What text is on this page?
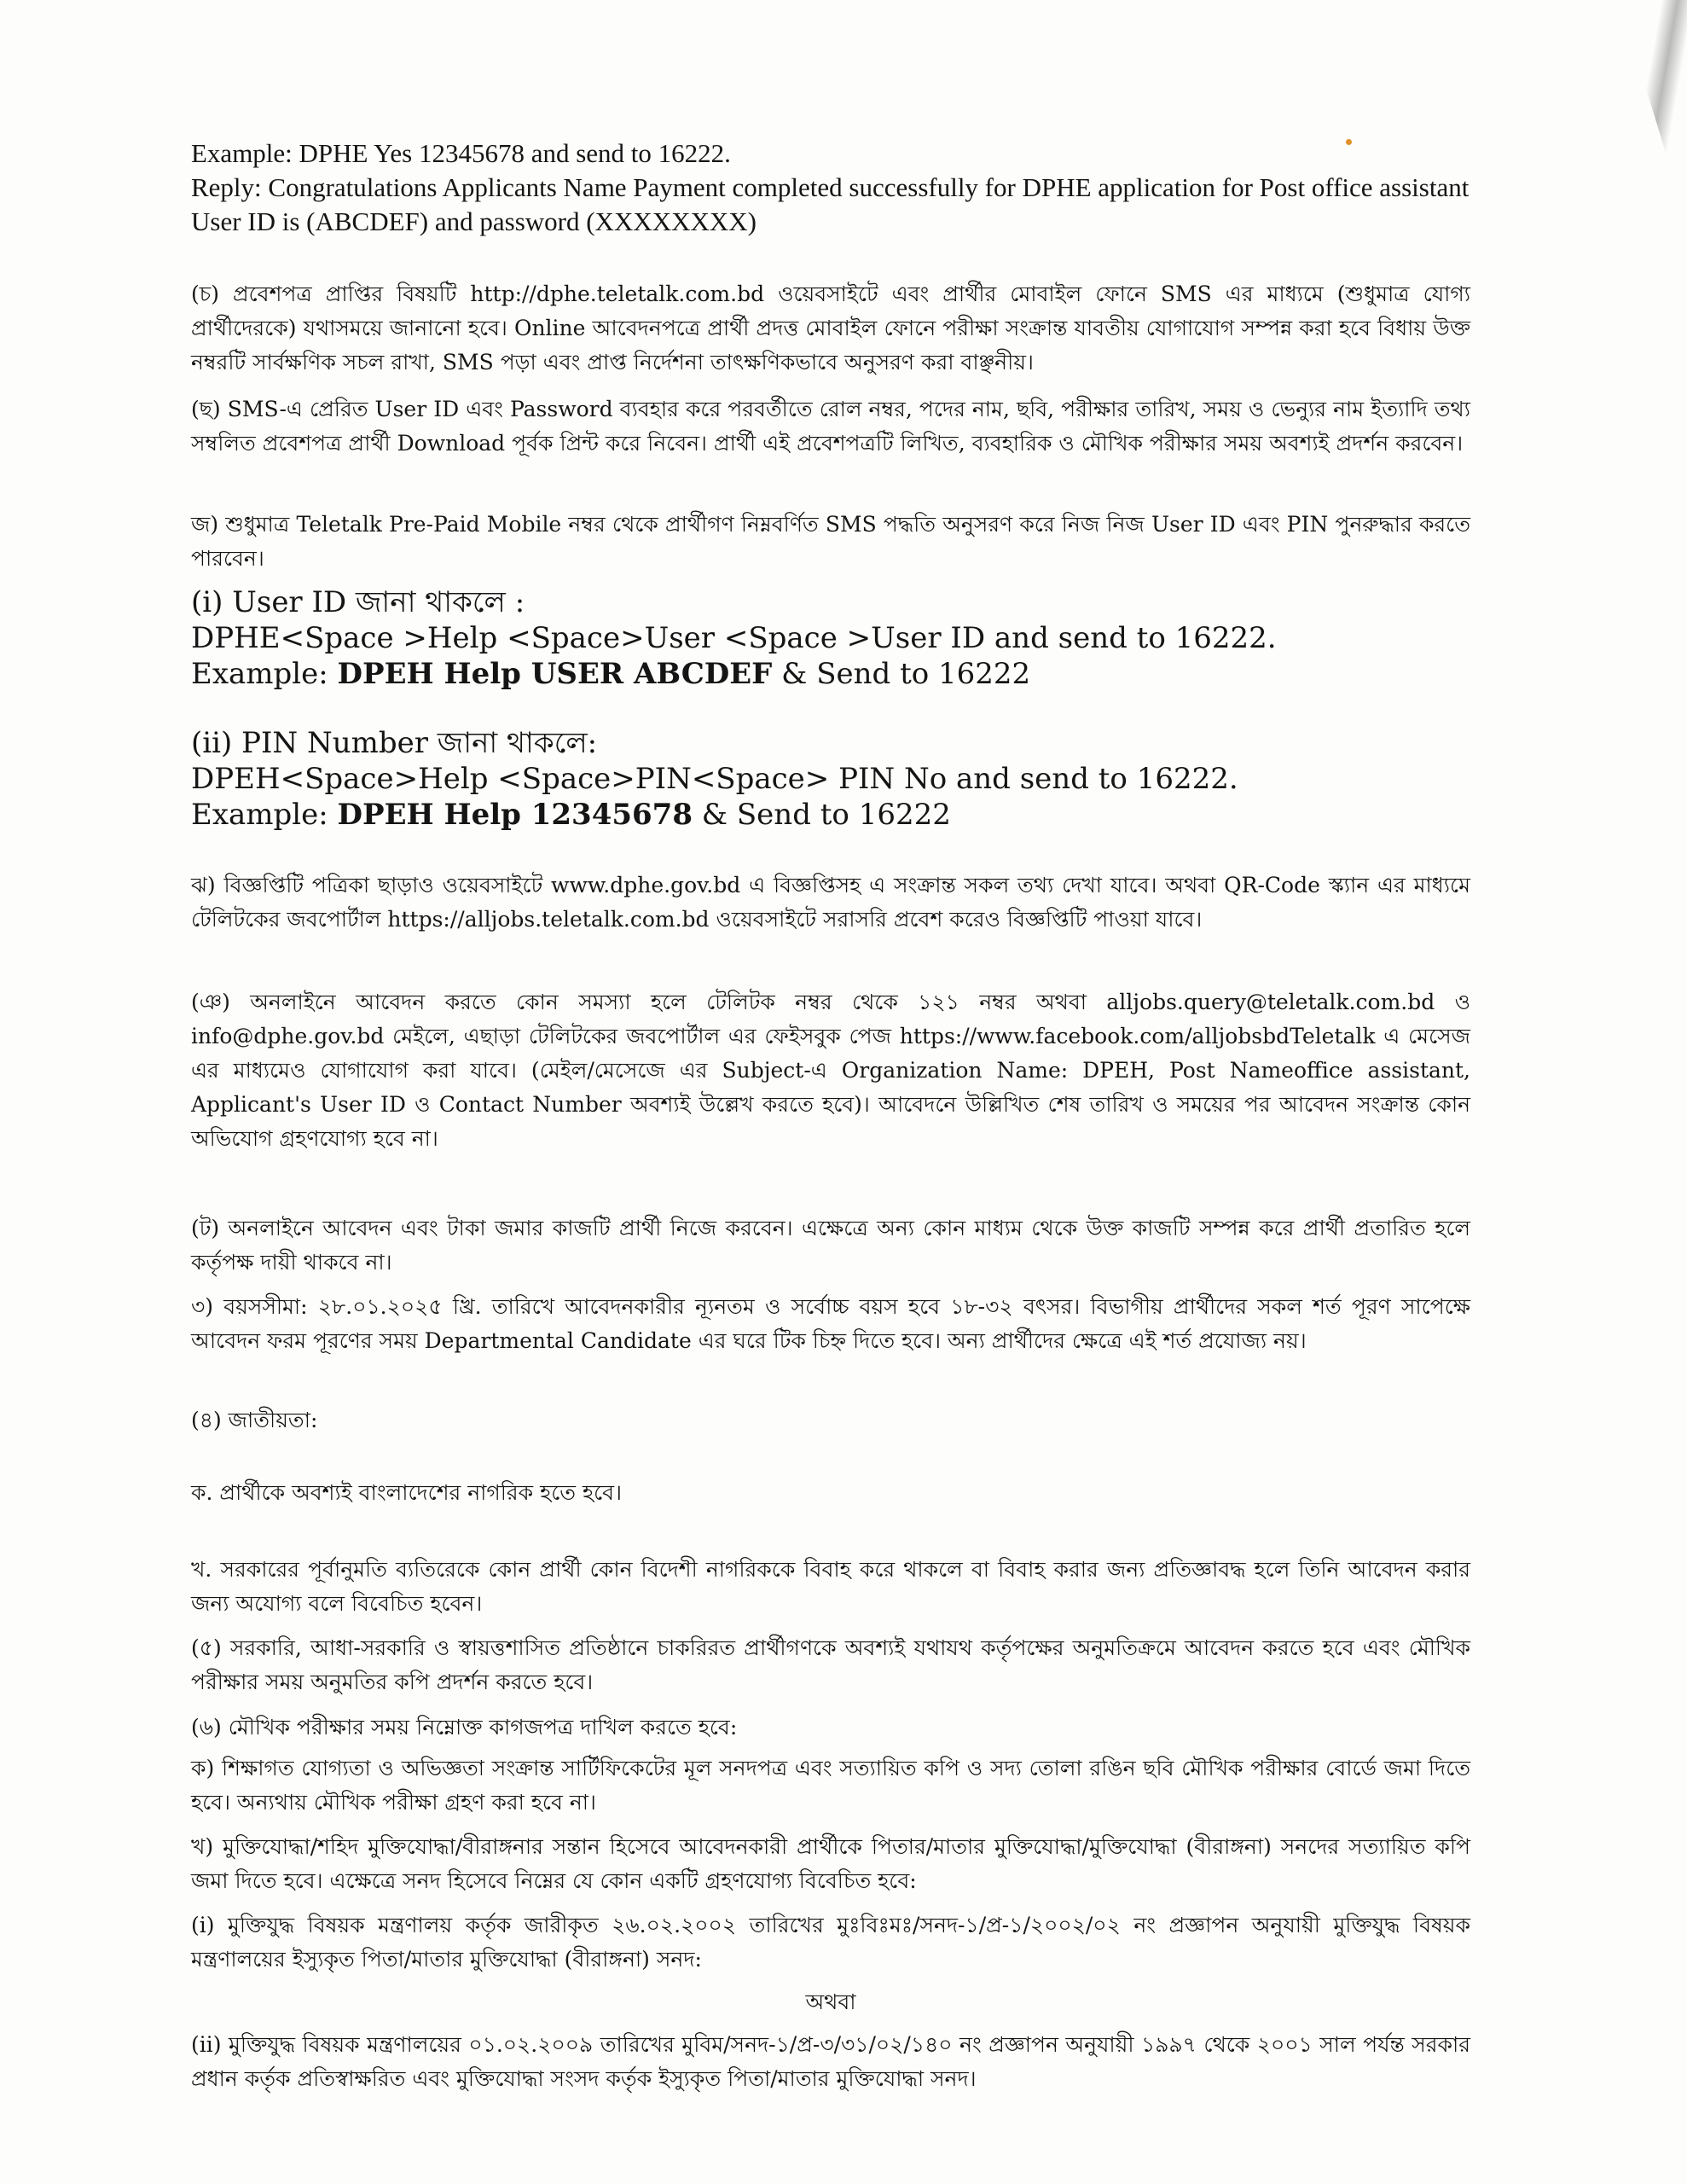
Example: DPHE Yes 12345678 and send to 16222.
Reply: Congratulations Applicants Name Payment completed successfully for DPHE application for Post office assistant User ID is (ABCDEF) and password (XXXXXXXX)
(চ) প্রবেশপত্র প্রাপ্তির বিষয়টি http://dphe.teletalk.com.bd ওয়েবসাইটে এবং প্রার্থীর মোবাইল ফোনে SMS এর মাধ্যমে (শুধুমাত্র যোগ্য প্রার্থীদেরকে) যথাসময়ে জানানো হবে। Online আবেদনপত্রে প্রার্থী প্রদত্ত মোবাইল ফোনে পরীক্ষা সংক্রান্ত যাবতীয় যোগাযোগ সম্পন্ন করা হবে বিধায় উক্ত নম্বরটি সার্বক্ষণিক সচল রাখা, SMS পড়া এবং প্রাপ্ত নির্দেশনা তাৎক্ষণিকভাবে অনুসরণ করা বাঞ্ছনীয়।
(ছ) SMS-এ প্রেরিত User ID এবং Password ব্যবহার করে পরবর্তীতে রোল নম্বর, পদের নাম, ছবি, পরীক্ষার তারিখ, সময় ও ভেন্যুর নাম ইত্যাদি তথ্য সম্বলিত প্রবেশপত্র প্রার্থী Download পূর্বক প্রিন্ট করে নিবেন। প্রার্থী এই প্রবেশপত্রটি লিখিত, ব্যবহারিক ও মৌখিক পরীক্ষার সময় অবশ্যই প্রদর্শন করবেন।
জ) শুধুমাত্র Teletalk Pre-Paid Mobile নম্বর থেকে প্রার্থীগণ নিম্নবর্ণিত SMS পদ্ধতি অনুসরণ করে নিজ নিজ User ID এবং PIN পুনরুদ্ধার করতে পারবেন।
(i) User ID জানা থাকলে :
DPHE<Space >Help <Space>User <Space >User ID and send to 16222.
Example: DPEH Help USER ABCDEF & Send to 16222
(ii) PIN Number জানা থাকলে:
DPEH<Space>Help <Space>PIN<Space> PIN No and send to 16222.
Example: DPEH Help 12345678 & Send to 16222
ঝ) বিজ্ঞপ্তিটি পত্রিকা ছাড়াও ওয়েবসাইটে www.dphe.gov.bd এ বিজ্ঞপ্তিসহ এ সংক্রান্ত সকল তথ্য দেখা যাবে। অথবা QR-Code স্ক্যান এর মাধ্যমে টেলিটকের জবপোর্টাল https://alljobs.teletalk.com.bd ওয়েবসাইটে সরাসরি প্রবেশ করেও বিজ্ঞপ্তিটি পাওয়া যাবে।
(ঞ) অনলাইনে আবেদন করতে কোন সমস্যা হলে টেলিটক নম্বর থেকে ১২১ নম্বর অথবা alljobs.query@teletalk.com.bd ও info@dphe.gov.bd মেইলে, এছাড়া টেলিটকের জবপোর্টাল এর ফেইসবুক পেজ https://www.facebook.com/alljobsbdTeletalk এ মেসেজ এর মাধ্যমেও যোগাযোগ করা যাবে। (মেইল/মেসেজে এর Subject-এ Organization Name: DPEH, Post Nameoffice assistant, Applicant's User ID ও Contact Number অবশ্যই উল্লেখ করতে হবে)। আবেদনে উল্লিখিত শেষ তারিখ ও সময়ের পর আবেদন সংক্রান্ত কোন অভিযোগ গ্রহণযোগ্য হবে না।
(ট) অনলাইনে আবেদন এবং টাকা জমার কাজটি প্রার্থী নিজে করবেন। এক্ষেত্রে অন্য কোন মাধ্যম থেকে উক্ত কাজটি সম্পন্ন করে প্রার্থী প্রতারিত হলে কর্তৃপক্ষ দায়ী থাকবে না।
৩) বয়সসীমা: ২৮.০১.২০২৫ খ্রি. তারিখে আবেদনকারীর ন্যূনতম ও সর্বোচ্চ বয়স হবে ১৮-৩২ বৎসর। বিভাগীয় প্রার্থীদের সকল শর্ত পূরণ সাপেক্ষে আবেদন ফরম পূরণের সময় Departmental Candidate এর ঘরে টিক চিহ্ন দিতে হবে। অন্য প্রার্থীদের ক্ষেত্রে এই শর্ত প্রযোজ্য নয়।
(৪) জাতীয়তা:
ক. প্রার্থীকে অবশ্যই বাংলাদেশের নাগরিক হতে হবে।
খ. সরকারের পূর্বানুমতি ব্যতিরেকে কোন প্রার্থী কোন বিদেশী নাগরিককে বিবাহ করে থাকলে বা বিবাহ করার জন্য প্রতিজ্ঞাবদ্ধ হলে তিনি আবেদন করার জন্য অযোগ্য বলে বিবেচিত হবেন।
(৫) সরকারি, আধা-সরকারি ও স্বায়ত্তশাসিত প্রতিষ্ঠানে চাকরিরত প্রার্থীগণকে অবশ্যই যথাযথ কর্তৃপক্ষের অনুমতিক্রমে আবেদন করতে হবে এবং মৌখিক পরীক্ষার সময় অনুমতির কপি প্রদর্শন করতে হবে।
(৬) মৌখিক পরীক্ষার সময় নিম্নোক্ত কাগজপত্র দাখিল করতে হবে:
ক) শিক্ষাগত যোগ্যতা ও অভিজ্ঞতা সংক্রান্ত সার্টিফিকেটের মূল সনদপত্র এবং সত্যায়িত কপি ও সদ্য তোলা রঙিন ছবি মৌখিক পরীক্ষার বোর্ডে জমা দিতে হবে। অন্যথায় মৌখিক পরীক্ষা গ্রহণ করা হবে না।
খ) মুক্তিযোদ্ধা/শহিদ মুক্তিযোদ্ধা/বীরাঙ্গনার সন্তান হিসেবে আবেদনকারী প্রার্থীকে পিতার/মাতার মুক্তিযোদ্ধা/মুক্তিযোদ্ধা (বীরাঙ্গনা) সনদের সত্যায়িত কপি জমা দিতে হবে। এক্ষেত্রে সনদ হিসেবে নিম্নের যে কোন একটি গ্রহণযোগ্য বিবেচিত হবে:
(i) মুক্তিযুদ্ধ বিষয়ক মন্ত্রণালয় কর্তৃক জারীকৃত ২৬.০২.২০০২ তারিখের মুঃবিঃমঃ/সনদ-১/প্র-১/২০০২/০২ নং প্রজ্ঞাপন অনুযায়ী মুক্তিযুদ্ধ বিষয়ক মন্ত্রণালয়ের ইস্যুকৃত পিতা/মাতার মুক্তিযোদ্ধা (বীরাঙ্গনা) সনদ:
অথবা
(ii) মুক্তিযুদ্ধ বিষয়ক মন্ত্রণালয়ের ০১.০২.২০০৯ তারিখের মুবিম/সনদ-১/প্র-৩/৩১/০২/১৪০ নং প্রজ্ঞাপন অনুযায়ী ১৯৯৭ থেকে ২০০১ সাল পর্যন্ত সরকার প্রধান কর্তৃক প্রতিস্বাক্ষরিত এবং মুক্তিযোদ্ধা সংসদ কর্তৃক ইস্যুকৃত পিতা/মাতার মুক্তিযোদ্ধা সনদ।
